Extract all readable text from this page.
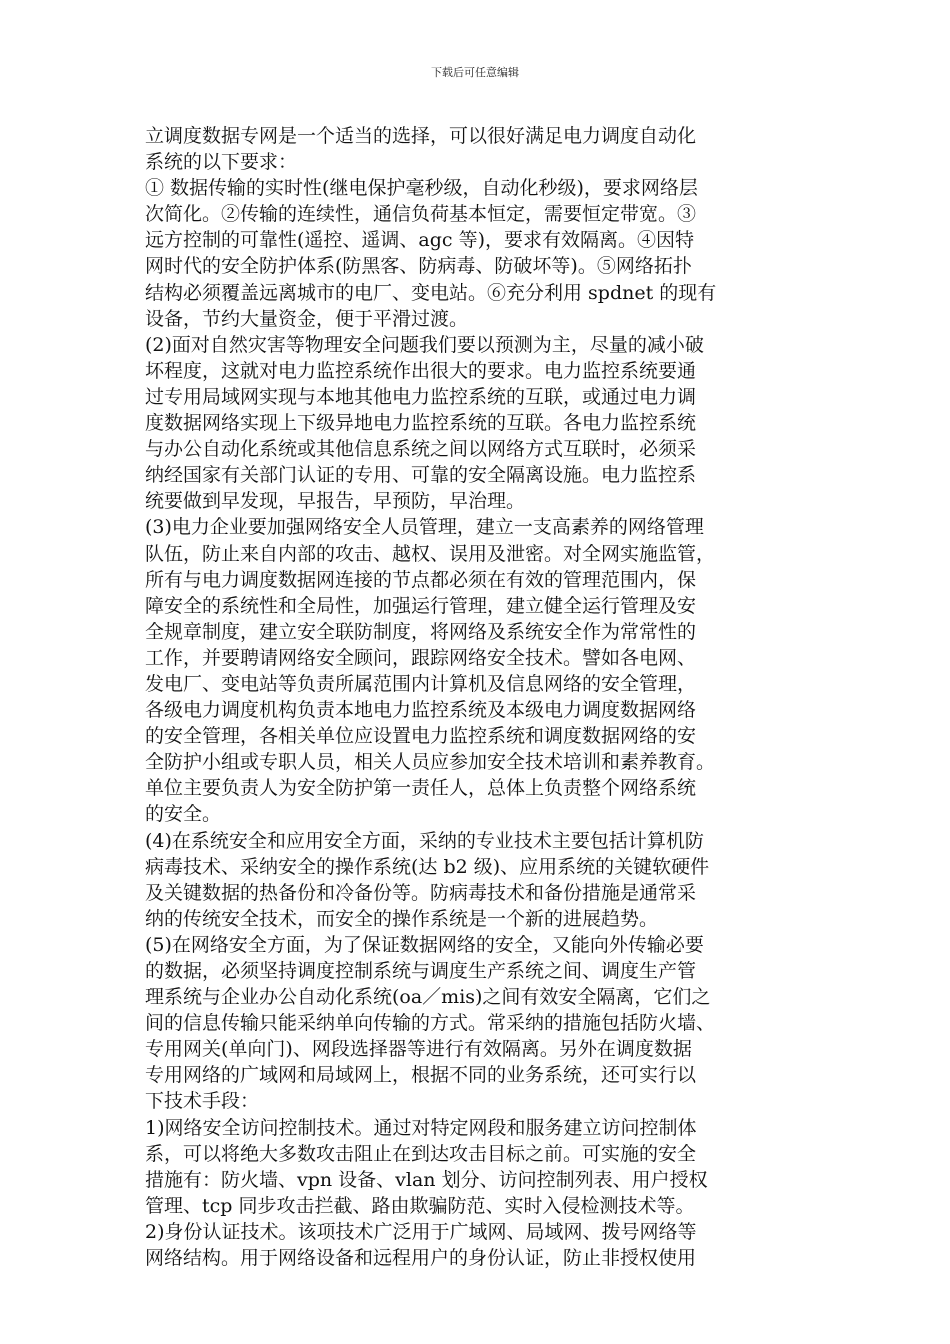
下载后可任意编辑
立调度数据专网是一个适当的选择，可以很好满足电力调度自动化
系统的以下要求：
① 数据传输的实时性(继电保护毫秒级，自动化秒级)，要求网络层
次简化。②传输的连续性，通信负荷基本恒定，需要恒定带宽。③
远方控制的可靠性(遥控、遥调、agc 等)，要求有效隔离。④因特
网时代的安全防护体系(防黑客、防病毒、防破坏等)。⑤网络拓扑
结构必须覆盖远离城市的电厂、变电站。⑥充分利用 spdnet 的现有
设备，节约大量资金，便于平滑过渡。
(2)面对自然灾害等物理安全问题我们要以预测为主，尽量的减小破
坏程度，这就对电力监控系统作出很大的要求。电力监控系统要通
过专用局域网实现与本地其他电力监控系统的互联，或通过电力调
度数据网络实现上下级异地电力监控系统的互联。各电力监控系统
与办公自动化系统或其他信息系统之间以网络方式互联时，必须采
纳经国家有关部门认证的专用、可靠的安全隔离设施。电力监控系
统要做到早发现，早报告，早预防，早治理。
(3)电力企业要加强网络安全人员管理，建立一支高素养的网络管理
队伍，防止来自内部的攻击、越权、误用及泄密。对全网实施监管，
所有与电力调度数据网连接的节点都必须在有效的管理范围内，保
障安全的系统性和全局性，加强运行管理，建立健全运行管理及安
全规章制度，建立安全联防制度，将网络及系统安全作为常常性的
工作，并要聘请网络安全顾问，跟踪网络安全技术。譬如各电网、
发电厂、变电站等负责所属范围内计算机及信息网络的安全管理，
各级电力调度机构负责本地电力监控系统及本级电力调度数据网络
的安全管理，各相关单位应设置电力监控系统和调度数据网络的安
全防护小组或专职人员，相关人员应参加安全技术培训和素养教育。
单位主要负责人为安全防护第一责任人，总体上负责整个网络系统
的安全。
(4)在系统安全和应用安全方面，采纳的专业技术主要包括计算机防
病毒技术、采纳安全的操作系统(达 b2 级)、应用系统的关键软硬件
及关键数据的热备份和冷备份等。防病毒技术和备份措施是通常采
纳的传统安全技术，而安全的操作系统是一个新的进展趋势。
(5)在网络安全方面，为了保证数据网络的安全，又能向外传输必要
的数据，必须坚持调度控制系统与调度生产系统之间、调度生产管
理系统与企业办公自动化系统(oa／mis)之间有效安全隔离，它们之
间的信息传输只能采纳单向传输的方式。常采纳的措施包括防火墙、
专用网关(单向门)、网段选择器等进行有效隔离。另外在调度数据
专用网络的广域网和局域网上，根据不同的业务系统，还可实行以
下技术手段：
1)网络安全访问控制技术。通过对特定网段和服务建立访问控制体
系，可以将绝大多数攻击阻止在到达攻击目标之前。可实施的安全
措施有：防火墙、vpn 设备、vlan 划分、访问控制列表、用户授权
管理、tcp 同步攻击拦截、路由欺骗防范、实时入侵检测技术等。
2)身份认证技术。该项技术广泛用于广域网、局域网、拨号网络等
网络结构。用于网络设备和远程用户的身份认证，防止非授权使用
